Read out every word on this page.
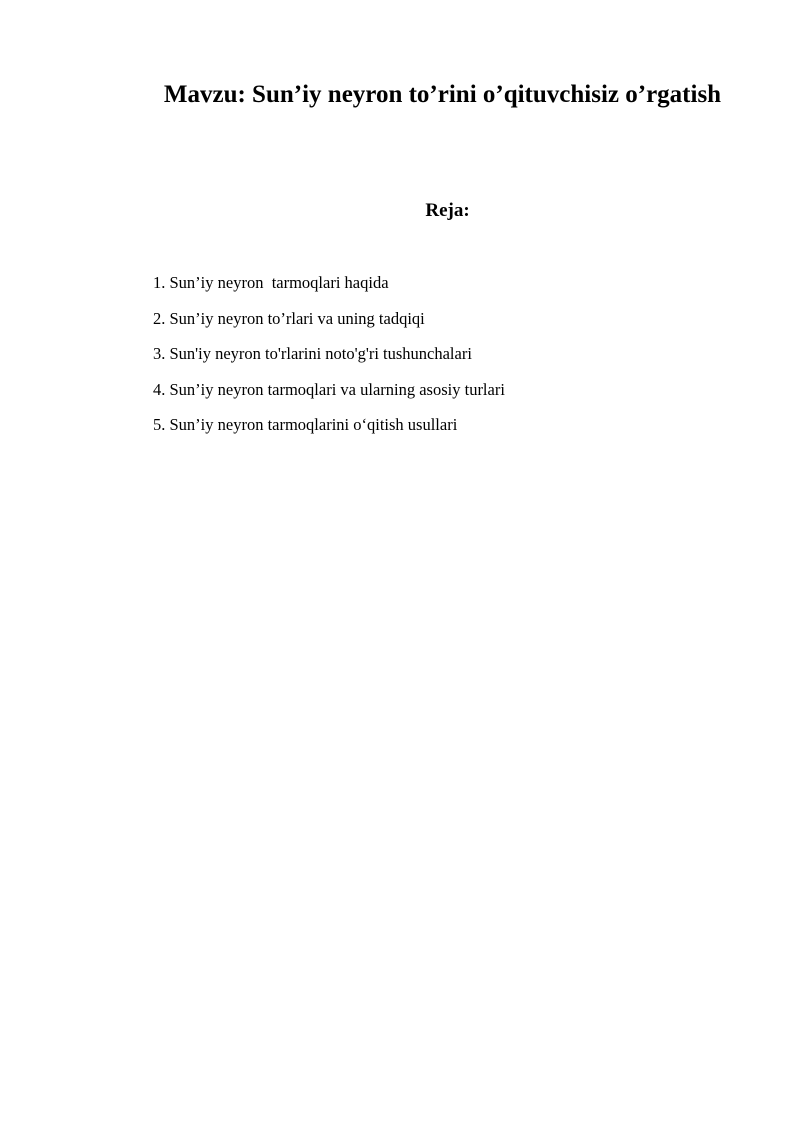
Mavzu: Sun’iy neyron to’rini o’qituvchisiz o’rgatish
Reja:
1. Sun’iy neyron  tarmoqlari haqida
2. Sun’iy neyron to’rlari va uning tadqiqi
3. Sun'iy neyron to'rlarini noto'g'ri tushunchalari
4. Sun’iy neyron tarmoqlari va ularning asosiy turlari
5. Sun’iy neyron tarmoqlarini o‘qitish usullari
